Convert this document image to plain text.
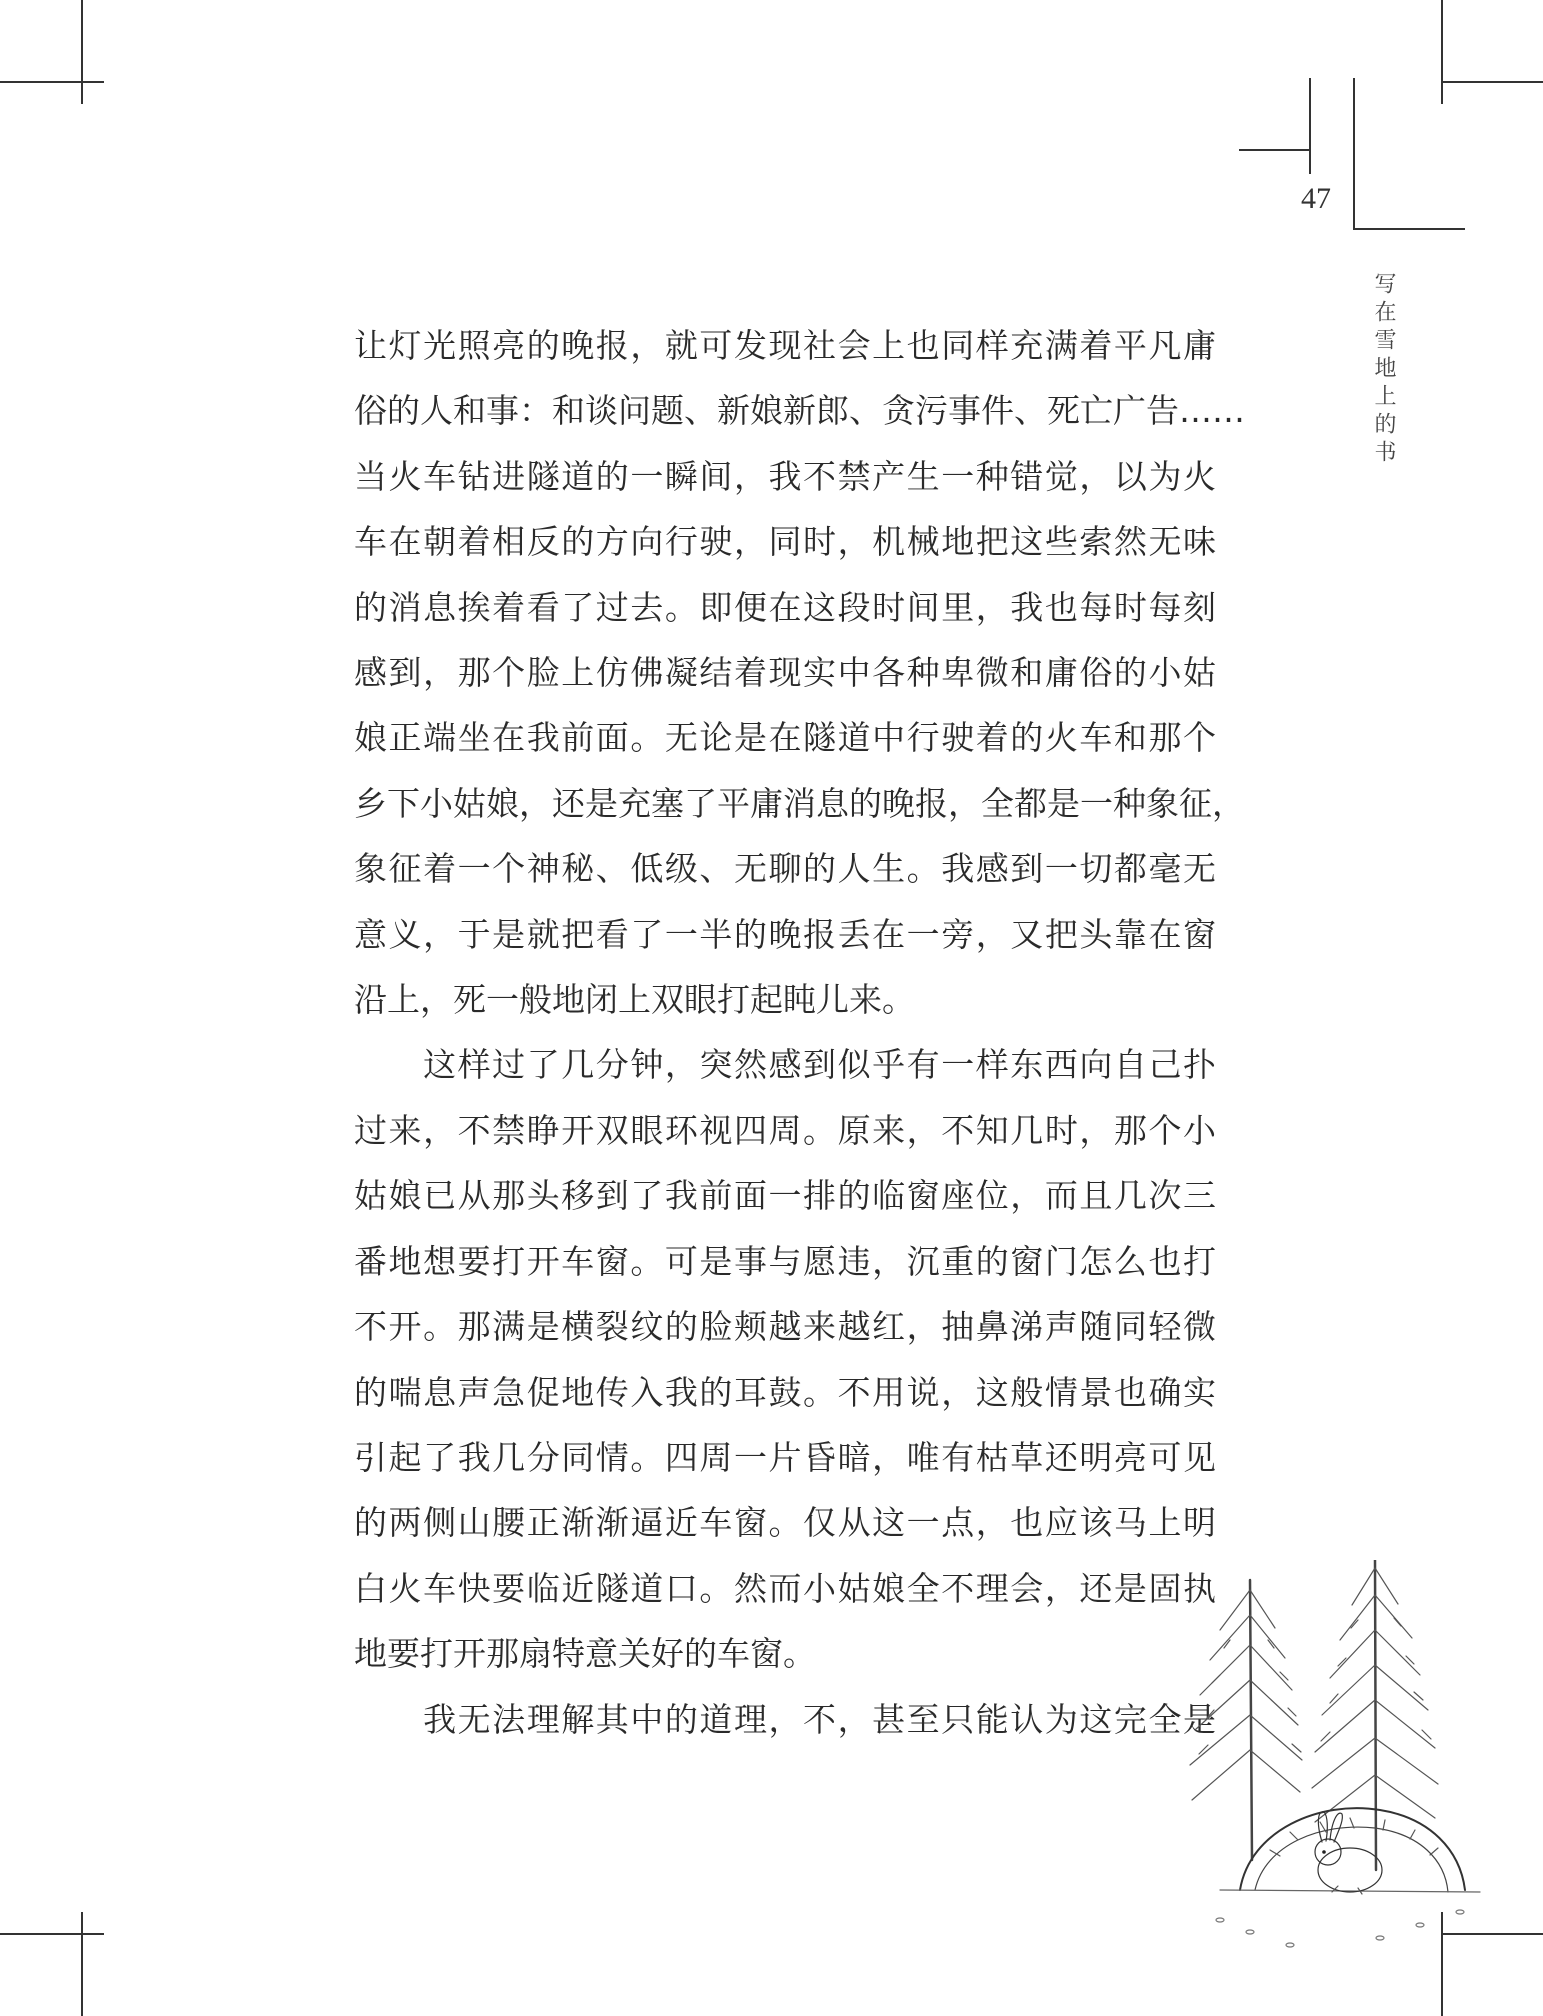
47
写在雪地上的书

让灯光照亮的晚报，就可发现社会上也同样充满着平凡庸
俗的人和事：和谈问题、新娘新郎、贪污事件、死亡广告……
当火车钻进隧道的一瞬间，我不禁产生一种错觉，以为火
车在朝着相反的方向行驶，同时，机械地把这些索然无味
的消息挨着看了过去。即便在这段时间里，我也每时每刻
感到，那个脸上仿佛凝结着现实中各种卑微和庸俗的小姑
娘正端坐在我前面。无论是在隧道中行驶着的火车和那个
乡下小姑娘，还是充塞了平庸消息的晚报，全都是一种象征，
象征着一个神秘、低级、无聊的人生。我感到一切都毫无
意义，于是就把看了一半的晚报丢在一旁，又把头靠在窗
沿上，死一般地闭上双眼打起盹儿来。

　　这样过了几分钟，突然感到似乎有一样东西向自己扑
过来，不禁睁开双眼环视四周。原来，不知几时，那个小
姑娘已从那头移到了我前面一排的临窗座位，而且几次三
番地想要打开车窗。可是事与愿违，沉重的窗门怎么也打
不开。那满是横裂纹的脸颊越来越红，抽鼻涕声随同轻微
的喘息声急促地传入我的耳鼓。不用说，这般情景也确实
引起了我几分同情。四周一片昏暗，唯有枯草还明亮可见
的两侧山腰正渐渐逼近车窗。仅从这一点，也应该马上明
白火车快要临近隧道口。然而小姑娘全不理会，还是固执
地要打开那扇特意关好的车窗。

　　我无法理解其中的道理，不，甚至只能认为这完全是
